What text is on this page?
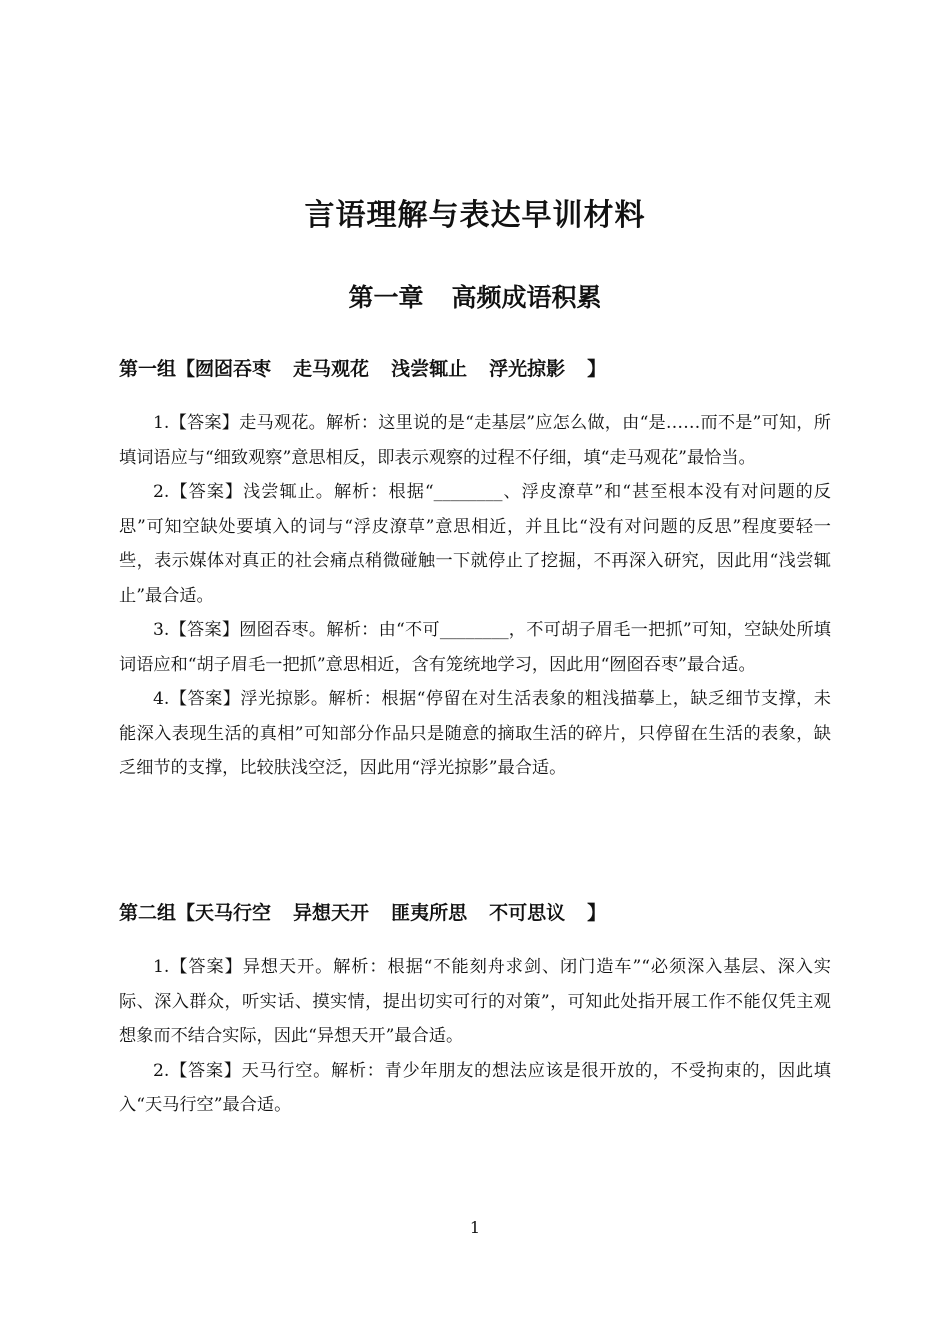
言语理解与表达早训材料
第一章 高频成语积累
第一组【囫囵吞枣 走马观花 浅尝辄止 浮光掠影 】

1.【答案】走马观花。解析：这里说的是“走基层”应怎么做，由“是……而不是”可知，所填词语应与“细致观察”意思相反，即表示观察的过程不仔细，填“走马观花”最恰当。

2.【答案】浅尝辄止。解析：根据“________、浮皮潦草”和“甚至根本没有对问题的反思”可知空缺处要填入的词与“浮皮潦草”意思相近，并且比“没有对问题的反思”程度要轻一些，表示媒体对真正的社会痛点稍微碰触一下就停止了挖掘，不再深入研究，因此用“浅尝辄止”最合适。

3.【答案】囫囵吞枣。解析：由“不可________，不可胡子眉毛一把抓”可知，空缺处所填词语应和“胡子眉毛一把抓”意思相近，含有笼统地学习，因此用“囫囵吞枣”最合适。

4.【答案】浮光掠影。解析：根据“停留在对生活表象的粗浅描摹上，缺乏细节支撑，未能深入表现生活的真相”可知部分作品只是随意的摘取生活的碎片，只停留在生活的表象，缺乏细节的支撑，比较肤浅空泛，因此用“浮光掠影”最合适。

第二组【天马行空 异想天开 匪夷所思 不可思议 】

1.【答案】异想天开。解析：根据“不能刻舟求剑、闭门造车”“必须深入基层、深入实际、深入群众，听实话、摸实情，提出切实可行的对策”，可知此处指开展工作不能仅凭主观想象而不结合实际，因此“异想天开”最合适。

2.【答案】天马行空。解析：青少年朋友的想法应该是很开放的，不受拘束的，因此填入“天马行空”最合适。

1
